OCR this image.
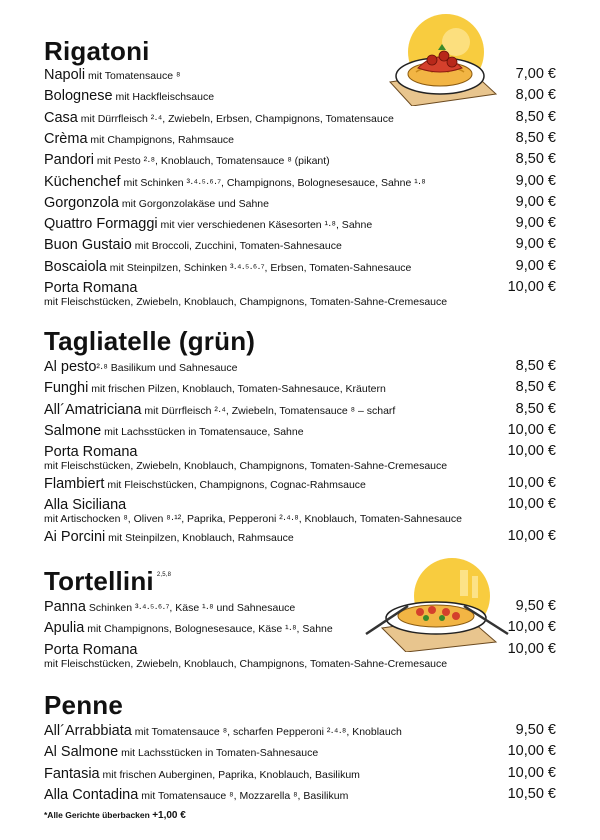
Rigatoni
Napoli mit Tomatensauce ⁸	7,00 €
Bolognese mit Hackfleischsauce	8,00 €
Casa mit Dürrfleisch ²·⁴, Zwiebeln, Erbsen, Champignons, Tomatensauce	8,50 €
Crèma mit Champignons, Rahmsauce	8,50 €
Pandori mit Pesto ²·⁸, Knoblauch, Tomatensauce ⁸ (pikant)	8,50 €
Küchenchef mit Schinken ³·⁴·⁵·⁶·⁷, Champignons, Bolognesesauce, Sahne ¹·⁸	9,00 €
Gorgonzola mit Gorgonzolakäse und Sahne	9,00 €
Quattro Formaggi mit vier verschiedenen Käsesorten ¹·⁸, Sahne	9,00 €
Buon Gustaio mit Broccoli, Zucchini, Tomaten-Sahnesauce	9,00 €
Boscaiola mit Steinpilzen, Schinken ³·⁴·⁵·⁶·⁷, Erbsen, Tomaten-Sahnesauce	9,00 €
Porta Romana	10,00 €
mit Fleischstücken, Zwiebeln, Knoblauch, Champignons, Tomaten-Sahne-Cremesauce
Tagliatelle (grün)
Al pesto²·⁸ Basilikum und Sahnesauce	8,50 €
Funghi mit frischen Pilzen, Knoblauch, Tomaten-Sahnesauce, Kräutern	8,50 €
All´Amatriciana mit Dürrfleisch ²·⁴, Zwiebeln, Tomatensauce ⁸ – scharf	8,50 €
Salmone mit Lachsstücken in Tomatensauce, Sahne	10,00 €
Porta Romana	10,00 €
mit Fleischstücken, Zwiebeln, Knoblauch, Champignons, Tomaten-Sahne-Cremesauce
Flambiert mit Fleischstücken, Champignons, Cognac-Rahmsauce	10,00 €
Alla Siciliana	10,00 €
mit Artischocken ⁸, Oliven ⁸·¹², Paprika, Pepperoni ²·⁴·⁸, Knoblauch, Tomaten-Sahnesauce
Ai Porcini mit Steinpilzen, Knoblauch, Rahmsauce	10,00 €
Tortellini $^{2,5,8}$
Panna Schinken ³·⁴·⁵·⁶·⁷, Käse ¹·⁸ und Sahnesauce	9,50 €
Apulia mit Champignons, Bolognesesauce, Käse ¹·⁸, Sahne	10,00 €
Porta Romana	10,00 €
mit Fleischstücken, Zwiebeln, Knoblauch, Champignons, Tomaten-Sahne-Cremesauce
Penne
All´Arrabbiata mit Tomatensauce ⁸, scharfen Pepperoni ²·⁴·⁸, Knoblauch	9,50 €
Al Salmone mit Lachsstücken in Tomaten-Sahnesauce	10,00 €
Fantasia mit frischen Auberginen, Paprika, Knoblauch, Basilikum	10,00 €
Alla Contadina mit Tomatensauce ⁸, Mozzarella ⁸, Basilikum	10,50 €
*Alle Gerichte überbacken +1,00 €
